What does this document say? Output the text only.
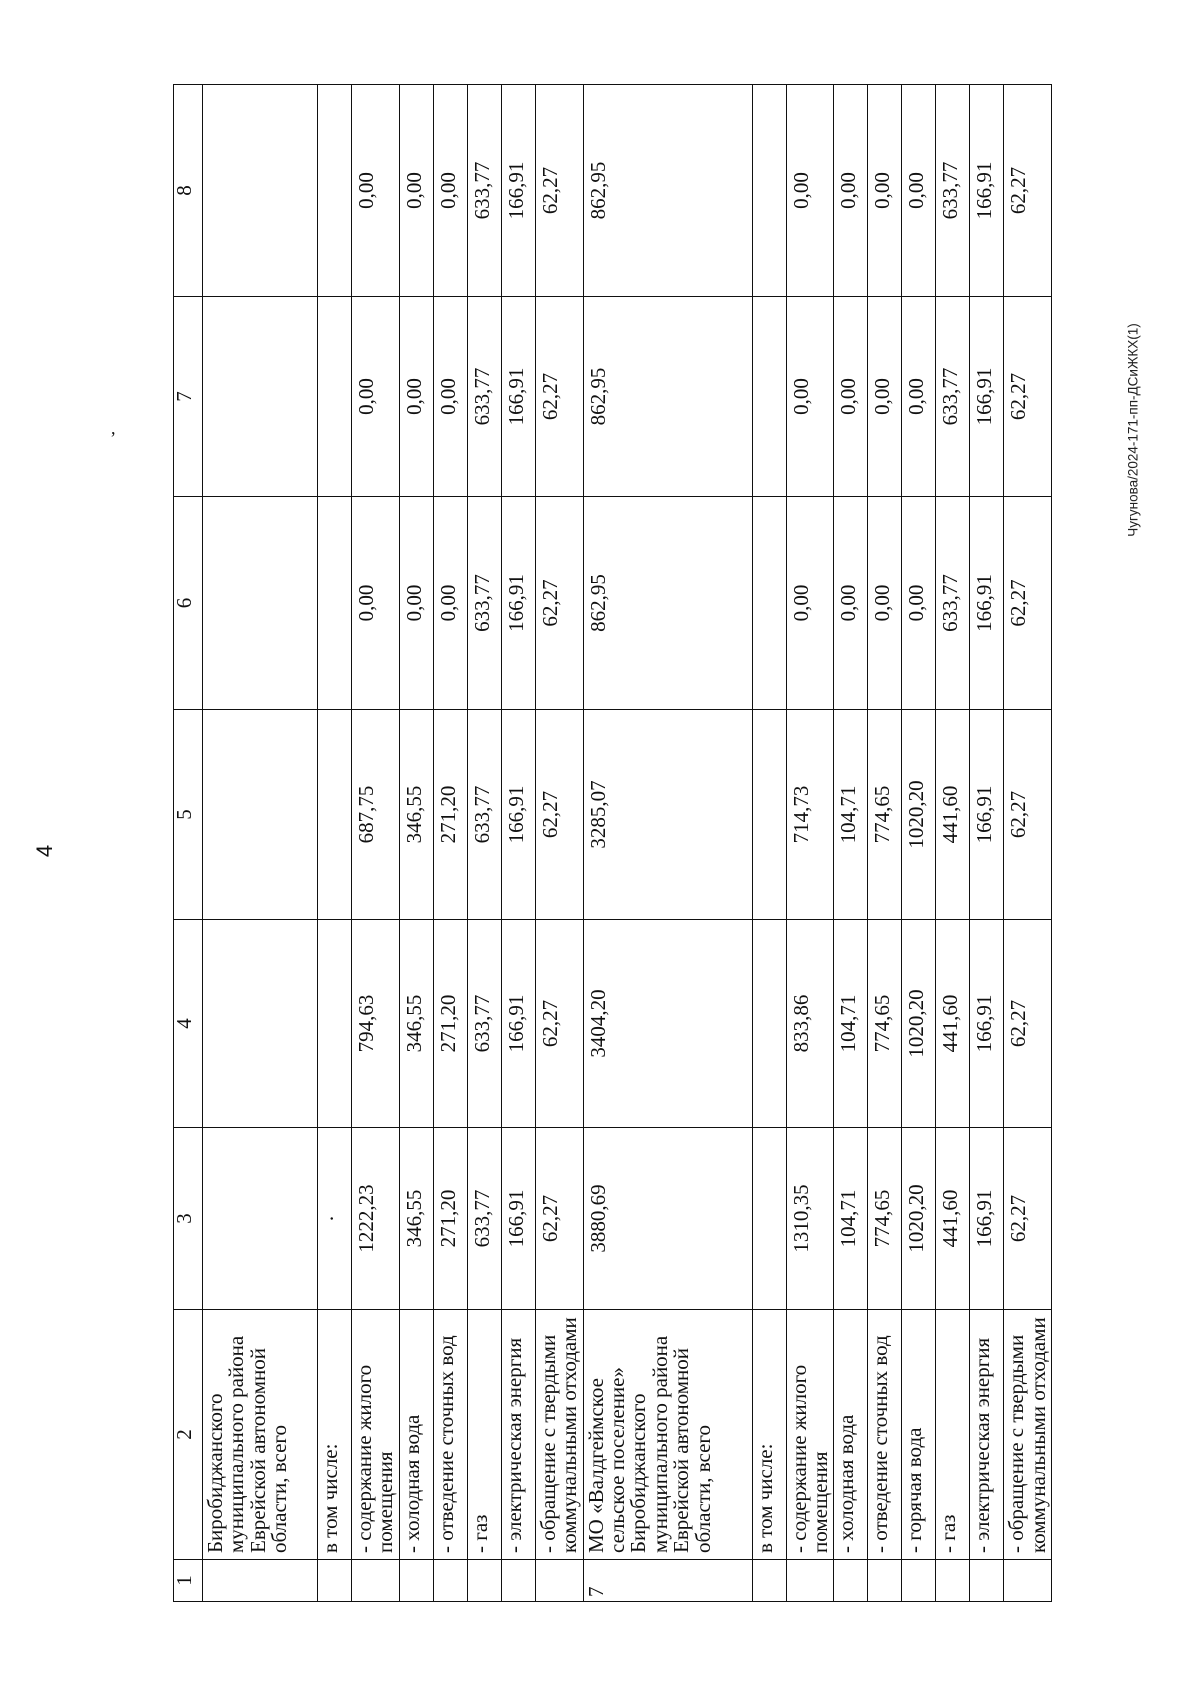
4
,	Чугунова/2024-171-пп-ДСиЖКХ(1)
1	2	3	4	5	6	7	8
	Биробиджанского муниципального района Еврейской автономной области, всего						
	в том числе:	·					
	- содержание жилого помещения	1222,23	794,63	687,75	0,00	0,00	0,00
	- холодная вода	346,55	346,55	346,55	0,00	0,00	0,00
	- отведение сточных вод	271,20	271,20	271,20	0,00	0,00	0,00
	- газ	633,77	633,77	633,77	633,77	633,77	633,77
	- электрическая энергия	166,91	166,91	166,91	166,91	166,91	166,91
	- обращение с твердыми коммунальными отходами	62,27	62,27	62,27	62,27	62,27	62,27
7	МО «Валдгеймское сельское поселение» Биробиджанского муниципального района Еврейской автономной области, всего	3880,69	3404,20	3285,07	862,95	862,95	862,95
	в том числе:						
	- содержание жилого помещения	1310,35	833,86	714,73	0,00	0,00	0,00
	- холодная вода	104,71	104,71	104,71	0,00	0,00	0,00
	- отведение сточных вод	774,65	774,65	774,65	0,00	0,00	0,00
	- горячая вода	1020,20	1020,20	1020,20	0,00	0,00	0,00
	- газ	441,60	441,60	441,60	633,77	633,77	633,77
	- электрическая энергия	166,91	166,91	166,91	166,91	166,91	166,91
	- обращение с твердыми коммунальными отходами	62,27	62,27	62,27	62,27	62,27	62,27
